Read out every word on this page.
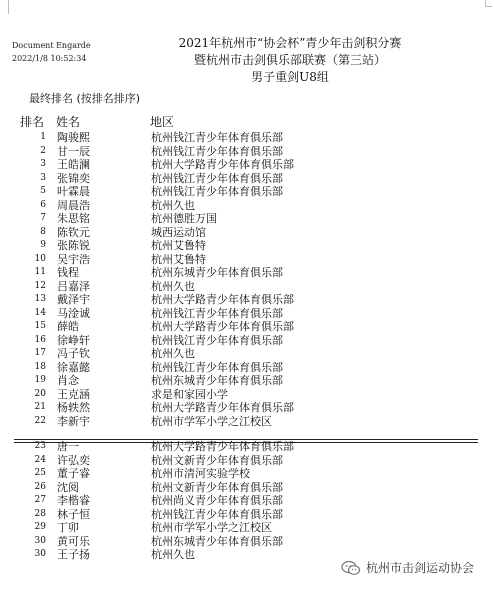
Document Engarde
2022/1/8 10:52:34
2021年杭州市“协会杯”青少年击剑积分赛
暨杭州市击剑俱乐部联赛（第三站）
男子重剑U8组
最终排名 (按排名排序)
排名 姓名	地区
1 陶骏熙	杭州钱江青少年体育俱乐部
2 甘一辰	杭州钱江青少年体育俱乐部
3 王皓澜	杭州大学路青少年体育俱乐部
3 张锦奕	杭州钱江青少年体育俱乐部
5 叶霖晨	杭州钱江青少年体育俱乐部
6 周晨浩	杭州久也
7 朱思铭	杭州德胜万国
8 陈钦元	城西运动馆
9 张陈锐	杭州艾鲁特
10 吴宇浩	杭州艾鲁特
11 钱程	杭州东城青少年体育俱乐部
12 吕嘉泽	杭州久也
13 戴泽宇	杭州大学路青少年体育俱乐部
14 马淦诚	杭州钱江青少年体育俱乐部
15 薛皓	杭州大学路青少年体育俱乐部
16 徐峥轩	杭州钱江青少年体育俱乐部
17 冯子钦	杭州久也
18 徐嘉懿	杭州钱江青少年体育俱乐部
19 肖念	杭州东城青少年体育俱乐部
20 王克涵	求是和家园小学
21 杨轶然	杭州大学路青少年体育俱乐部
22 李新宇	杭州市学军小学之江校区
23 唐一	杭州大学路青少年体育俱乐部
24 许弘奕	杭州文新青少年体育俱乐部
25 董子睿	杭州市清河实验学校
26 沈阅	杭州文新青少年体育俱乐部
27 李楷睿	杭州尚义青少年体育俱乐部
28 林子恒	杭州钱江青少年体育俱乐部
29 丁卯	杭州市学军小学之江校区
30 黄可乐	杭州东城青少年体育俱乐部
30 王子扬	杭州久也
杭州市击剑运动协会
